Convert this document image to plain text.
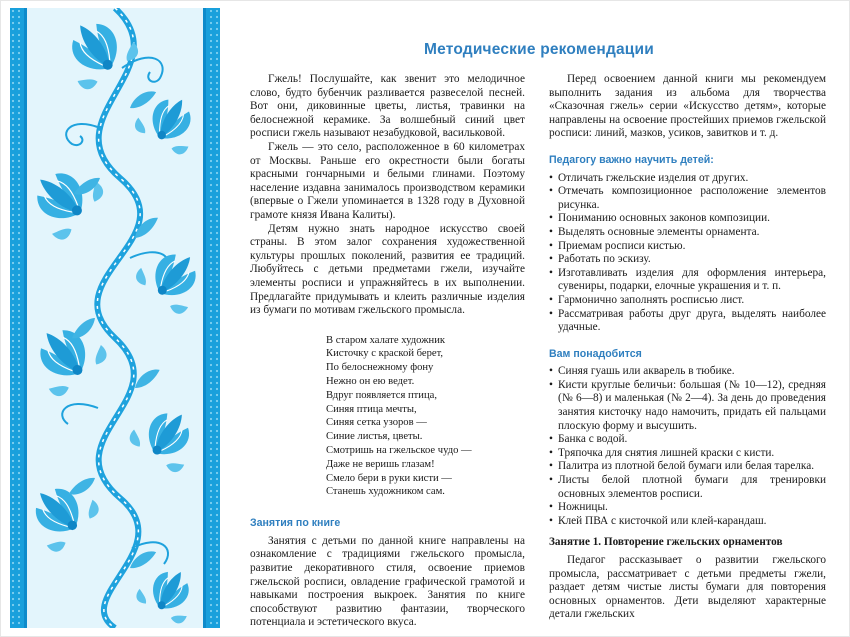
Методические рекомендации

Гжель! Послушайте, как звенит это мелодичное слово, будто бубенчик разливается развеселой песней. Вот они, диковинные цветы, листья, травинки на белоснежной керамике. За волшебный синий цвет росписи гжель называют незабудковой, васильковой.

Гжель — это село, расположенное в 60 километрах от Москвы. Раньше его окрестности были богаты красными гончарными и белыми глинами. Поэтому население издавна занималось производством керамики (впервые о Гжели упоминается в 1328 году в Духовной грамоте князя Ивана Калиты).

Детям нужно знать народное искусство своей страны. В этом залог сохранения художественной культуры прошлых поколений, развития ее традиций. Любуйтесь с детьми предметами гжели, изучайте элементы росписи и упражняйтесь в их выполнении. Предлагайте придумывать и клеить различные изделия из бумаги по мотивам гжельского промысла.

В старом халате художник
Кисточку с краской берет,
По белоснежному фону
Нежно он ею ведет.
Вдруг появляется птица,
Синяя птица мечты,
Синяя сетка узоров —
Синие листья, цветы.
Смотришь на гжельское чудо —
Даже не веришь глазам!
Смело бери в руки кисти —
Станешь художником сам.
Занятия по книге

Занятия с детьми по данной книге направлены на ознакомление с традициями гжельского промысла, развитие декоративного стиля, освоение приемов гжельской росписи, овладение графической грамотой и навыками построения выкроек. Занятия по книге способствуют развитию фантазии, творческого потенциала и эстетического вкуса.

Перед освоением данной книги мы рекомендуем выполнить задания из альбома для творчества «Сказочная гжель» серии «Искусство детям», которые направлены на освоение простейших приемов гжельской росписи: линий, мазков, усиков, завитков и т. д.

Педагогу важно научить детей:
• Отличать гжельские изделия от других.
• Отмечать композиционное расположение элементов рисунка.
• Пониманию основных законов композиции.
• Выделять основные элементы орнамента.
• Приемам росписи кистью.
• Работать по эскизу.
• Изготавливать изделия для оформления интерьера, сувениры, подарки, елочные украшения и т. п.
• Гармонично заполнять росписью лист.
• Рассматривая работы друг друга, выделять наиболее удачные.
Вам понадобится
• Синяя гуашь или акварель в тюбике.
• Кисти круглые беличьи: большая (№ 10—12), средняя (№ 6—8) и маленькая (№ 2—4). За день до проведения занятия кисточку надо намочить, придать ей пальцами плоскую форму и высушить.
• Банка с водой.
• Тряпочка для снятия лишней краски с кисти.
• Палитра из плотной белой бумаги или белая тарелка.
• Листы белой плотной бумаги для тренировки основных элементов росписи.
• Ножницы.
• Клей ПВА с кисточкой или клей-карандаш.
Занятие 1. Повторение гжельских орнаментов

Педагог рассказывает о развитии гжельского промысла, рассматривает с детьми предметы гжели, раздает детям чистые листы бумаги для повторения основных орнаментов. Дети выделяют характерные детали гжельских
